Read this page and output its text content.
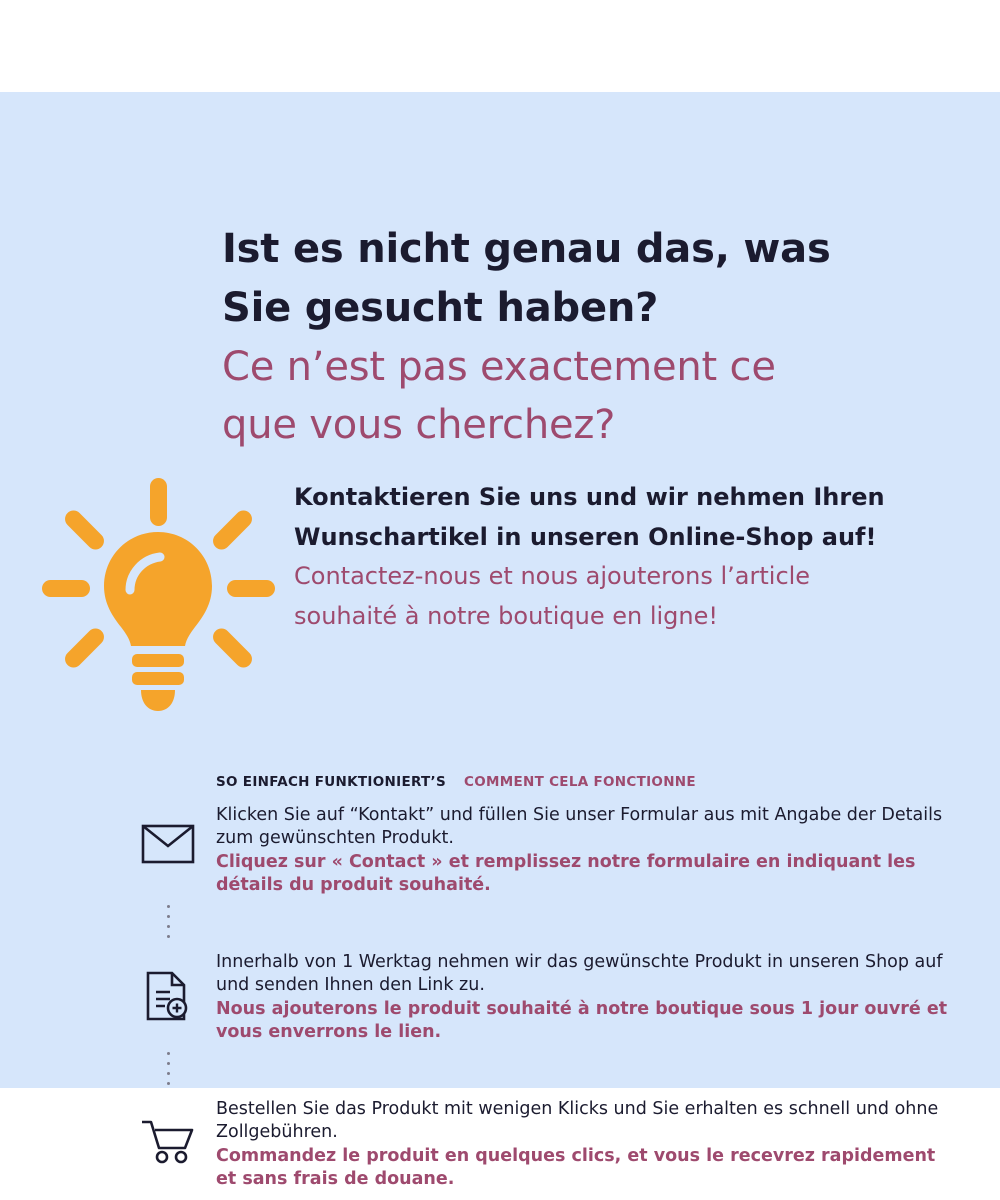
Ist es nicht genau das, was
Sie gesucht haben?
Ce n’est pas exactement ce
que vous cherchez?
Kontaktieren Sie uns und wir nehmen Ihren Wunschartikel in unseren Online-Shop auf!
Contactez-nous et nous ajouterons l’article souhaité à notre boutique en ligne!
SO EINFACH FUNKTIONIERT’S COMMENT CELA FONCTIONNE
Klicken Sie auf “Kontakt” und füllen Sie unser Formular aus mit Angabe der Details zum gewünschten Produkt.
Cliquez sur « Contact » et remplissez notre formulaire en indiquant les détails du produit souhaité.
Innerhalb von 1 Werktag nehmen wir das gewünschte Produkt in unseren Shop auf und senden Ihnen den Link zu.
Nous ajouterons le produit souhaité à notre boutique sous 1 jour ouvré et vous enverrons le lien.
Bestellen Sie das Produkt mit wenigen Klicks und Sie erhalten es schnell und ohne Zollgebühren.
Commandez le produit en quelques clics, et vous le recevrez rapidement et sans frais de douane.
